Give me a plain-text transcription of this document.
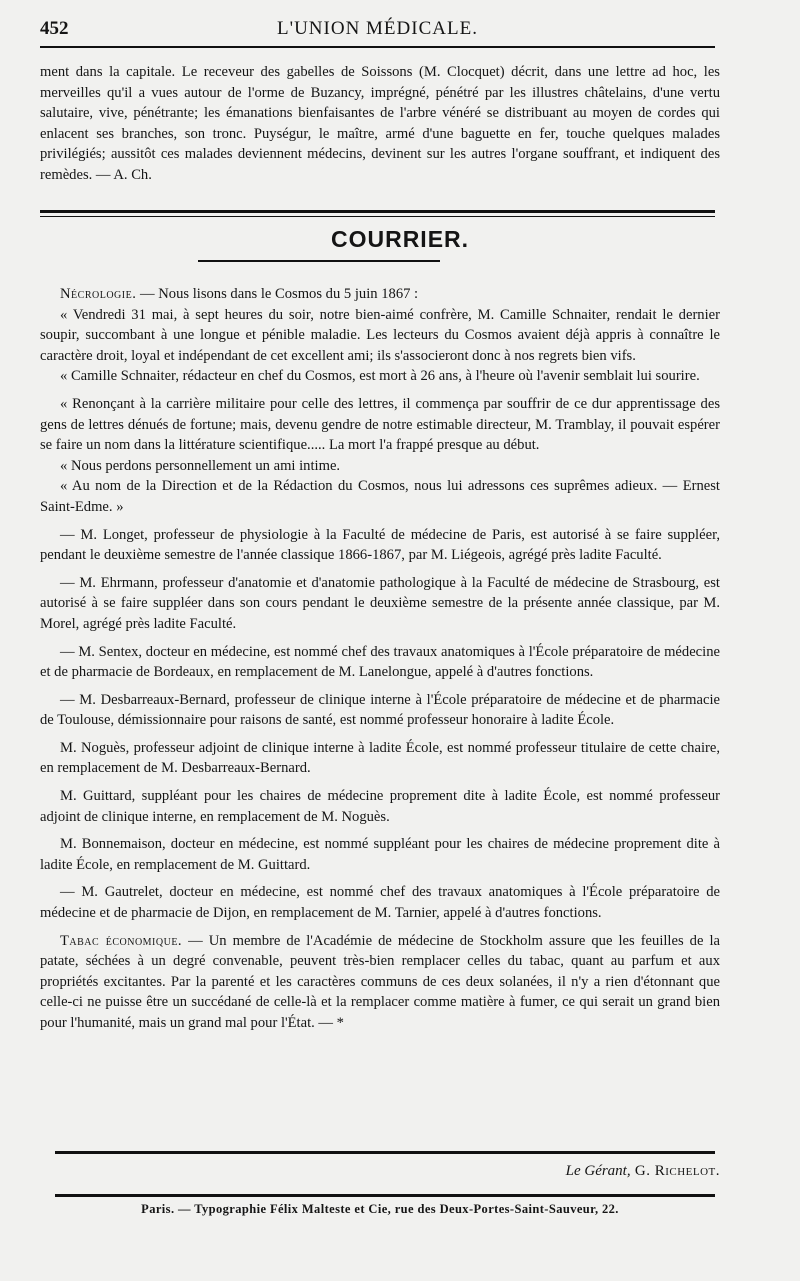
452	L'UNION MÉDICALE.

ment dans la capitale. Le receveur des gabelles de Soissons (M. Clocquet) décrit, dans une lettre ad hoc, les merveilles qu'il a vues autour de l'orme de Buzancy, imprégné, pénétré par les illustres châtelains, d'une vertu salutaire, vive, pénétrante; les émanations bienfaisantes de l'arbre vénéré se distribuant au moyen de cordes qui enlacent ses branches, son tronc. Puységur, le maître, armé d'une baguette en fer, touche quelques malades privilégiés; aussitôt ces malades deviennent médecins, devinent sur les autres l'organe souffrant, et indiquent des remèdes. — A. Ch.

COURRIER.

Nécrologie. — Nous lisons dans le Cosmos du 5 juin 1867 :

« Vendredi 31 mai, à sept heures du soir, notre bien-aimé confrère, M. Camille Schnaiter, rendait le dernier soupir, succombant à une longue et pénible maladie. Les lecteurs du Cosmos avaient déjà appris à connaître le caractère droit, loyal et indépendant de cet excellent ami; ils s'associeront donc à nos regrets bien vifs.

« Camille Schnaiter, rédacteur en chef du Cosmos, est mort à 26 ans, à l'heure où l'avenir semblait lui sourire.

« Renonçant à la carrière militaire pour celle des lettres, il commença par souffrir de ce dur apprentissage des gens de lettres dénués de fortune; mais, devenu gendre de notre estimable directeur, M. Tramblay, il pouvait espérer se faire un nom dans la littérature scientifique..... La mort l'a frappé presque au début.

« Nous perdons personnellement un ami intime.

« Au nom de la Direction et de la Rédaction du Cosmos, nous lui adressons ces suprêmes adieux. — Ernest Saint-Edme. »

— M. Longet, professeur de physiologie à la Faculté de médecine de Paris, est autorisé à se faire suppléer, pendant le deuxième semestre de l'année classique 1866-1867, par M. Liégeois, agrégé près ladite Faculté.

— M. Ehrmann, professeur d'anatomie et d'anatomie pathologique à la Faculté de médecine de Strasbourg, est autorisé à se faire suppléer dans son cours pendant le deuxième semestre de la présente année classique, par M. Morel, agrégé près ladite Faculté.

— M. Sentex, docteur en médecine, est nommé chef des travaux anatomiques à l'École préparatoire de médecine et de pharmacie de Bordeaux, en remplacement de M. Lanelongue, appelé à d'autres fonctions.

— M. Desbarreaux-Bernard, professeur de clinique interne à l'École préparatoire de médecine et de pharmacie de Toulouse, démissionnaire pour raisons de santé, est nommé professeur honoraire à ladite École.

M. Noguès, professeur adjoint de clinique interne à ladite École, est nommé professeur titulaire de cette chaire, en remplacement de M. Desbarreaux-Bernard.

M. Guittard, suppléant pour les chaires de médecine proprement dite à ladite École, est nommé professeur adjoint de clinique interne, en remplacement de M. Noguès.

M. Bonnemaison, docteur en médecine, est nommé suppléant pour les chaires de médecine proprement dite à ladite École, en remplacement de M. Guittard.

— M. Gautrelet, docteur en médecine, est nommé chef des travaux anatomiques à l'École préparatoire de médecine et de pharmacie de Dijon, en remplacement de M. Tarnier, appelé à d'autres fonctions.

Tabac économique. — Un membre de l'Académie de médecine de Stockholm assure que les feuilles de la patate, séchées à un degré convenable, peuvent très-bien remplacer celles du tabac, quant au parfum et aux propriétés excitantes. Par la parenté et les caractères communs de ces deux solanées, il n'y a rien d'étonnant que celle-ci ne puisse être un succédané de celle-là et la remplacer comme matière à fumer, ce qui serait un grand bien pour l'humanité, mais un grand mal pour l'État. — *

Le Gérant, G. Richelot.
Paris. — Typographie Félix Malteste et Cie, rue des Deux-Portes-Saint-Sauveur, 22.
